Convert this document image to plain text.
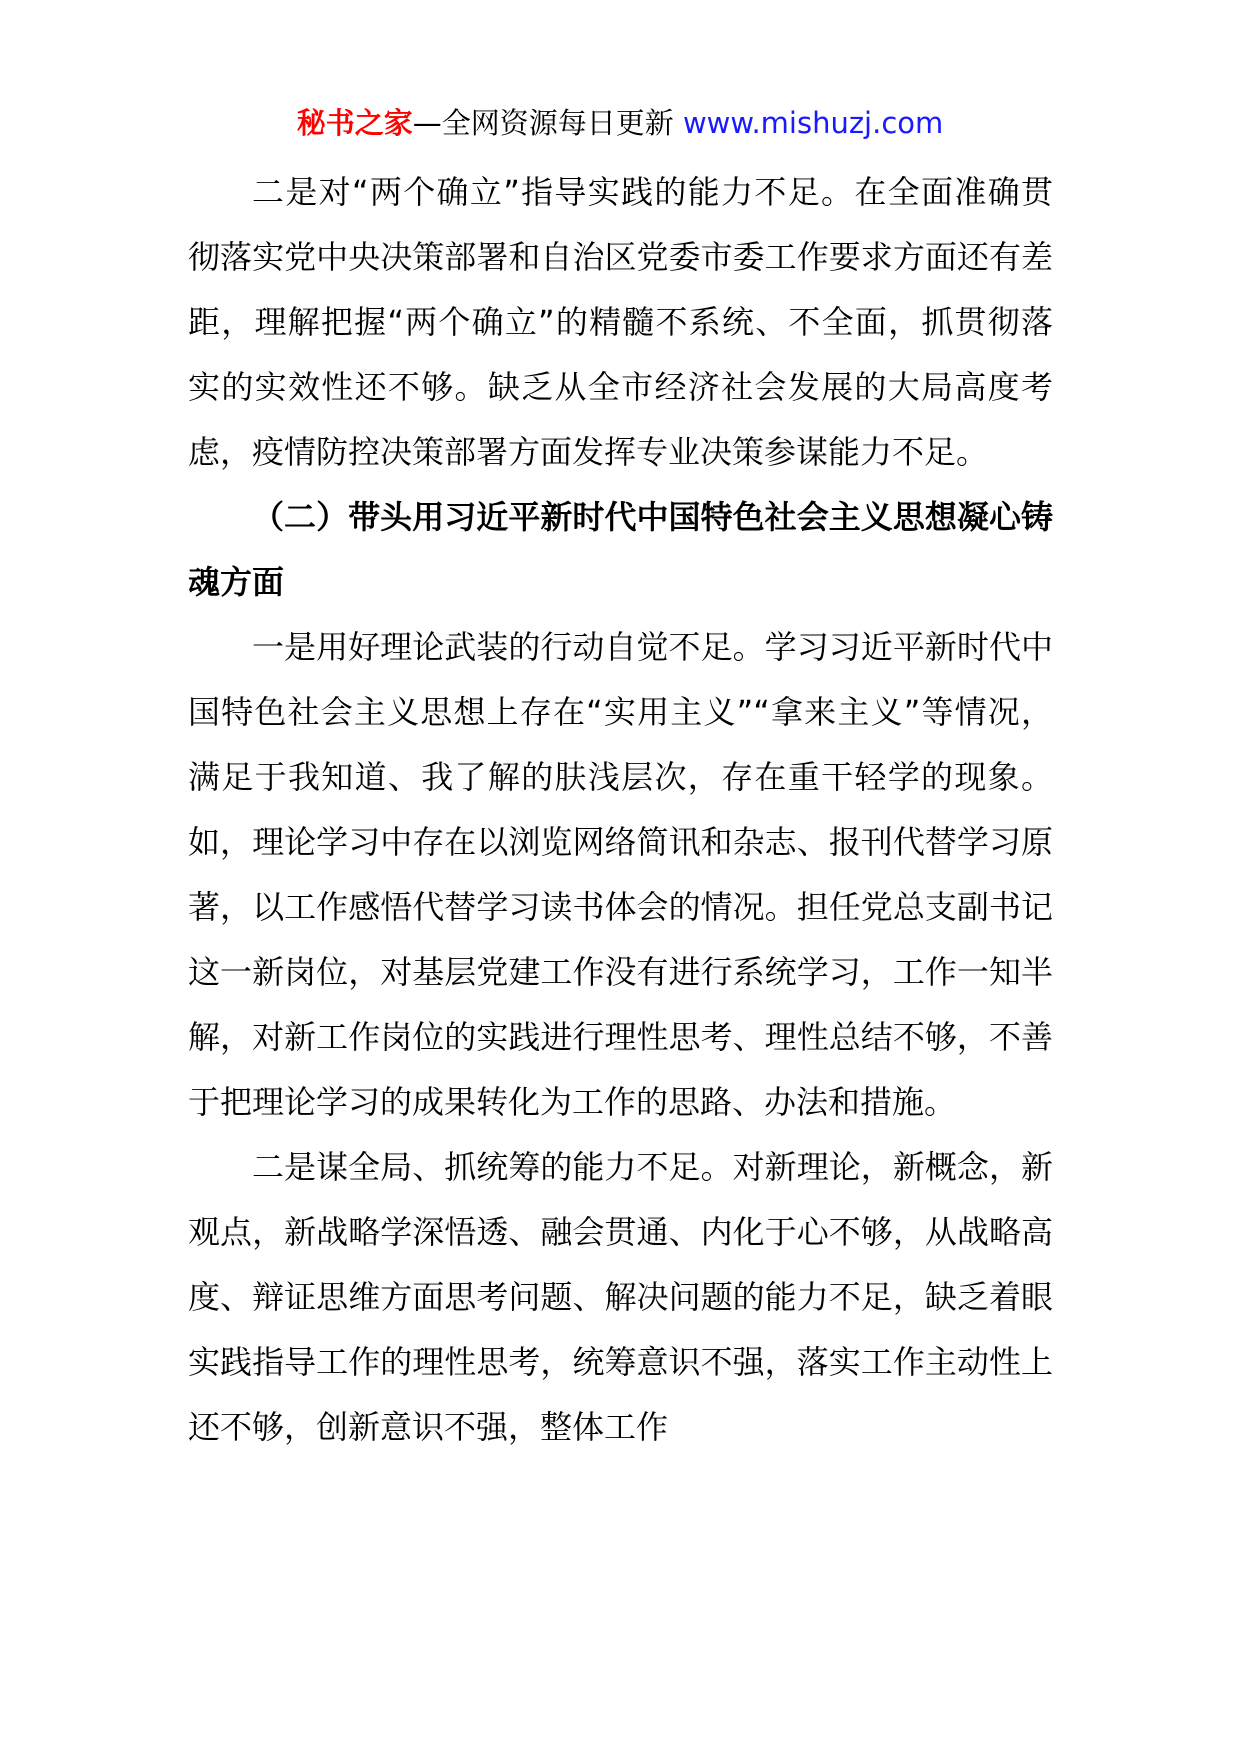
秘书之家—全网资源每日更新 www.mishuzj.com

二是对“两个确立”指导实践的能力不足。在全面准确贯彻落实党中央决策部署和自治区党委市委工作要求方面还有差距，理解把握“两个确立”的精髓不系统、不全面，抓贯彻落实的实效性还不够。缺乏从全市经济社会发展的大局高度考虑，疫情防控决策部署方面发挥专业决策参谋能力不足。

（二）带头用习近平新时代中国特色社会主义思想凝心铸魂方面

一是用好理论武装的行动自觉不足。学习习近平新时代中国特色社会主义思想上存在“实用主义”“拿来主义”等情况，满足于我知道、我了解的肤浅层次，存在重干轻学的现象。如，理论学习中存在以浏览网络简讯和杂志、报刊代替学习原著，以工作感悟代替学习读书体会的情况。担任党总支副书记这一新岗位，对基层党建工作没有进行系统学习，工作一知半解，对新工作岗位的实践进行理性思考、理性总结不够，不善于把理论学习的成果转化为工作的思路、办法和措施。

二是谋全局、抓统筹的能力不足。对新理论，新概念，新观点，新战略学深悟透、融会贯通、内化于心不够，从战略高度、辩证思维方面思考问题、解决问题的能力不足，缺乏着眼实践指导工作的理性思考，统筹意识不强，落实工作主动性上还不够，创新意识不强，整体工作
